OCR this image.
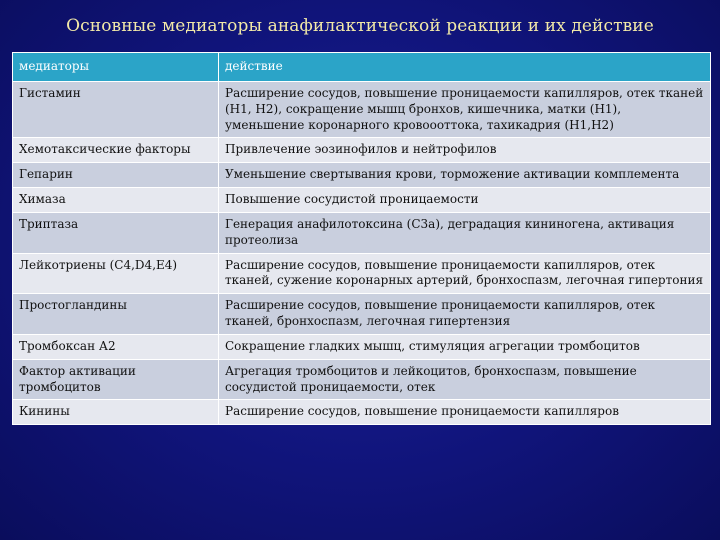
Основные медиаторы анафилактической реакции и их действие
медиаторы	действие
Гистамин	Расширение сосудов, повышение проницаемости капилляров, отек тканей (Н1, Н2), сокращение мышц бронхов, кишечника, матки (Н1), уменьшение коронарного кровоооттока, тахикадрия (Н1,Н2)
Хемотаксические факторы	Привлечение эозинофилов и нейтрофилов
Гепарин	Уменьшение свертывания крови, торможение активации комплемента
Химаза	Повышение сосудистой проницаемости
Триптаза	Генерация анафилотоксина (C3a), деградация кининогена, активация протеолиза
Лейкотриены (C4,D4,E4)	Расширение сосудов, повышение проницаемости капилляров, отек тканей, сужение коронарных артерий, бронхоспазм, легочная гипертония
Простогландины	Расширение сосудов, повышение проницаемости капилляров, отек тканей, бронхоспазм, легочная гипертензия
Тромбоксан А2	Сокращение гладких мышц, стимуляция агрегации тромбоцитов
Фактор активации тромбоцитов	Агрегация тромбоцитов и лейкоцитов, бронхоспазм, повышение сосудистой проницаемости, отек
Кинины	Расширение сосудов, повышение проницаемости капилляров
